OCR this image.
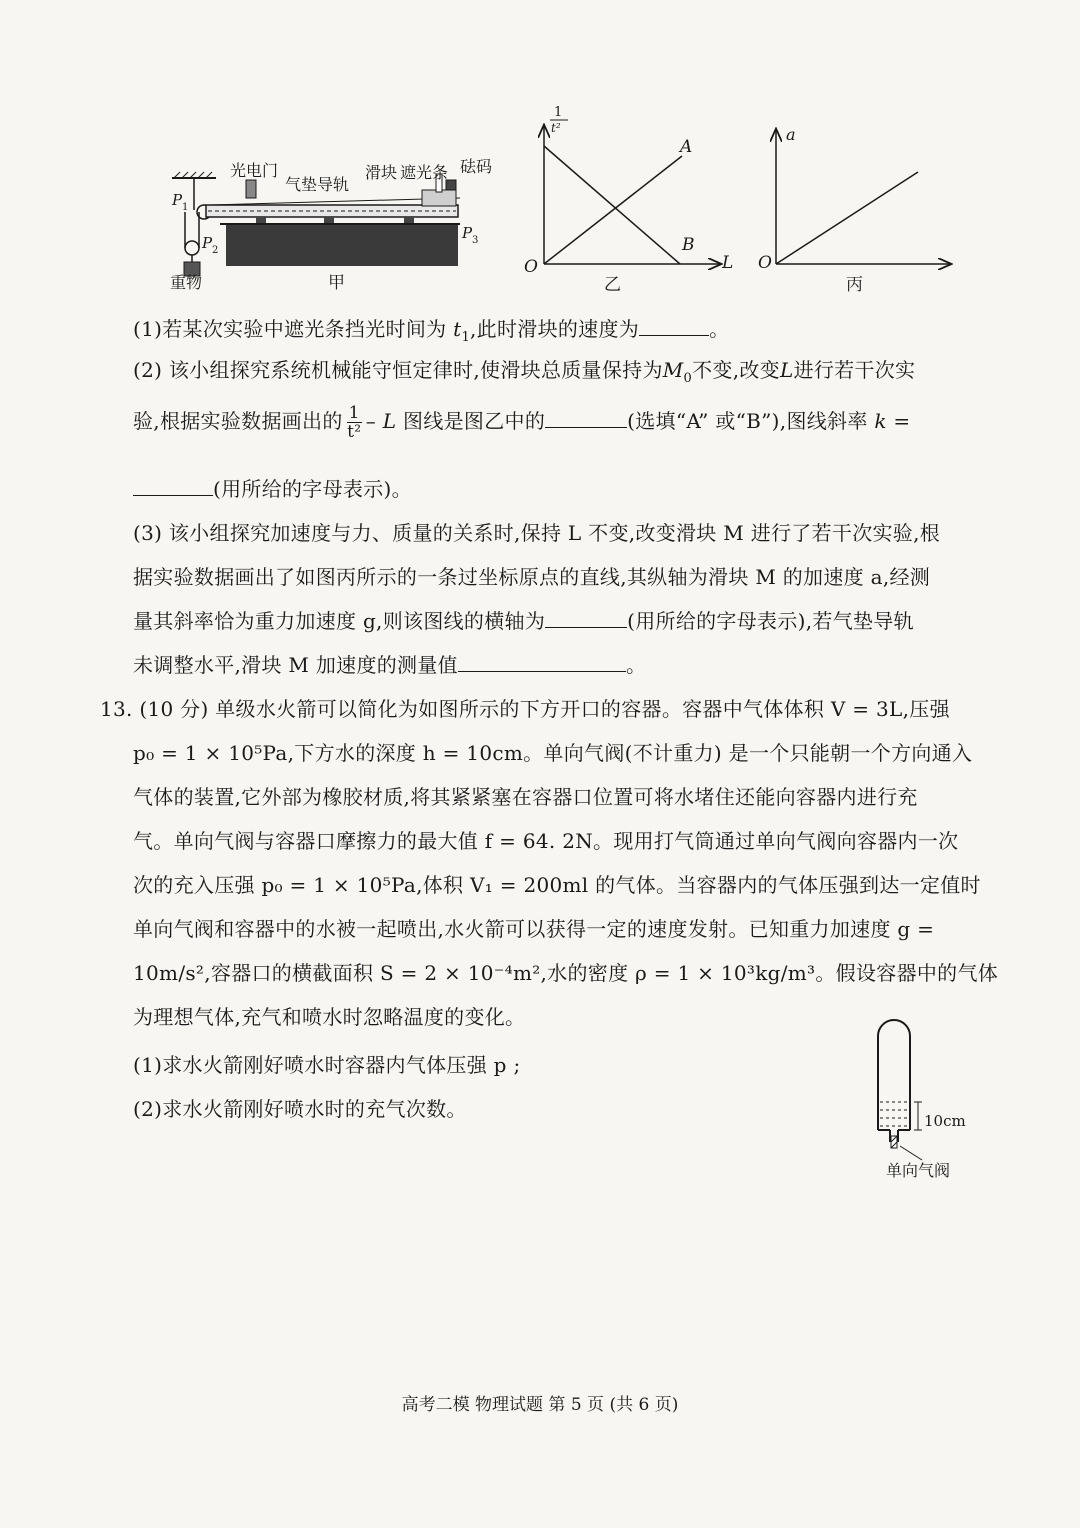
光电门
气垫导轨
滑块 遮光条 砝码
重物
P 1
P 2
P 3
甲
1
t²
O	L
A
B
乙
a
O
丙
(1)若某次实验中遮光条挡光时间为 $t_1$,此时滑块的速度为	。
(2) 该小组探究系统机械能守恒定律时,使滑块总质量保持为$M_0$不变,改变L进行若干次实
验,根据实验数据画出的 $\frac{1}{\text{t²}}$ – L 图线是图乙中的	(选填“A” 或“B”),图线斜率 k =
(用所给的字母表示)。
(3) 该小组探究加速度与力、质量的关系时,保持 L 不变,改变滑块 M 进行了若干次实验,根
据实验数据画出了如图丙所示的一条过坐标原点的直线,其纵轴为滑块 M 的加速度 a,经测
量其斜率恰为重力加速度 g,则该图线的横轴为	(用所给的字母表示),若气垫导轨
未调整水平,滑块 M 加速度的测量值	。
13. (10 分) 单级水火箭可以简化为如图所示的下方开口的容器。容器中气体体积 V = 3L,压强
p₀ = 1 × 10⁵Pa,下方水的深度 h = 10cm。单向气阀(不计重力) 是一个只能朝一个方向通入
气体的装置,它外部为橡胶材质,将其紧紧塞在容器口位置可将水堵住还能向容器内进行充
气。单向气阀与容器口摩擦力的最大值 f = 64. 2N。现用打气筒通过单向气阀向容器内一次
次的充入压强 p₀ = 1 × 10⁵Pa,体积 V₁ = 200ml 的气体。当容器内的气体压强到达一定值时
单向气阀和容器中的水被一起喷出,水火箭可以获得一定的速度发射。已知重力加速度 g =
10m/s²,容器口的横截面积 S = 2 × 10⁻⁴m²,水的密度 ρ = 1 × 10³kg/m³。假设容器中的气体
为理想气体,充气和喷水时忽略温度的变化。
(1)求水火箭刚好喷水时容器内气体压强 p ;
(2)求水火箭刚好喷水时的充气次数。	10cm
单向气阀
高考二模 物理试题 第 5 页 (共 6 页)
